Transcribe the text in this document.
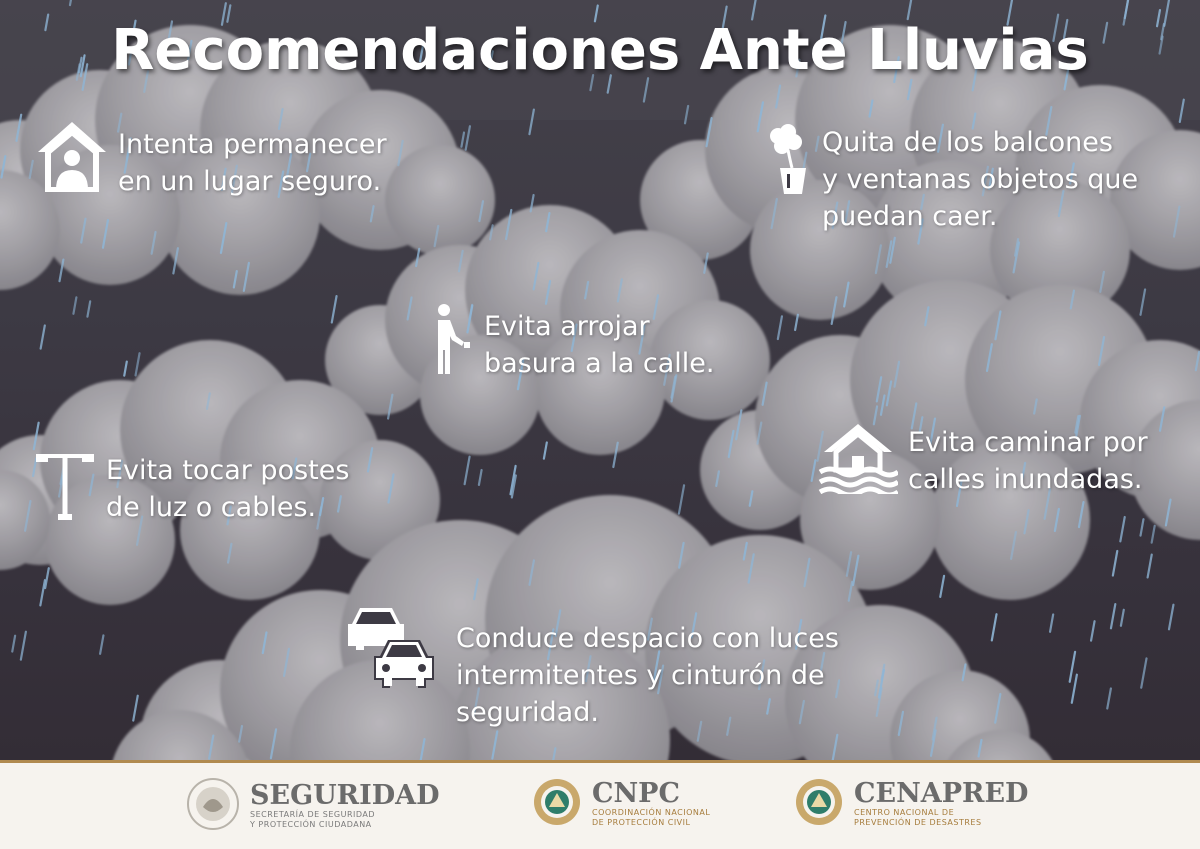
Recomendaciones Ante Lluvias
Intenta permanecer
en un lugar seguro.
Quita de los balcones
y ventanas objetos que
puedan caer.
Evita arrojar
basura a la calle.
Evita tocar postes
de luz o cables.
Evita caminar por
calles inundadas.
Conduce despacio con luces
intermitentes y cinturón de
seguridad.
SEGURIDAD
SECRETARÍA DE SEGURIDAD
Y PROTECCIÓN CIUDADANA
CNPC
COORDINACIÓN NACIONAL
DE PROTECCIÓN CIVIL
CENAPRED
CENTRO NACIONAL DE
PREVENCIÓN DE DESASTRES
